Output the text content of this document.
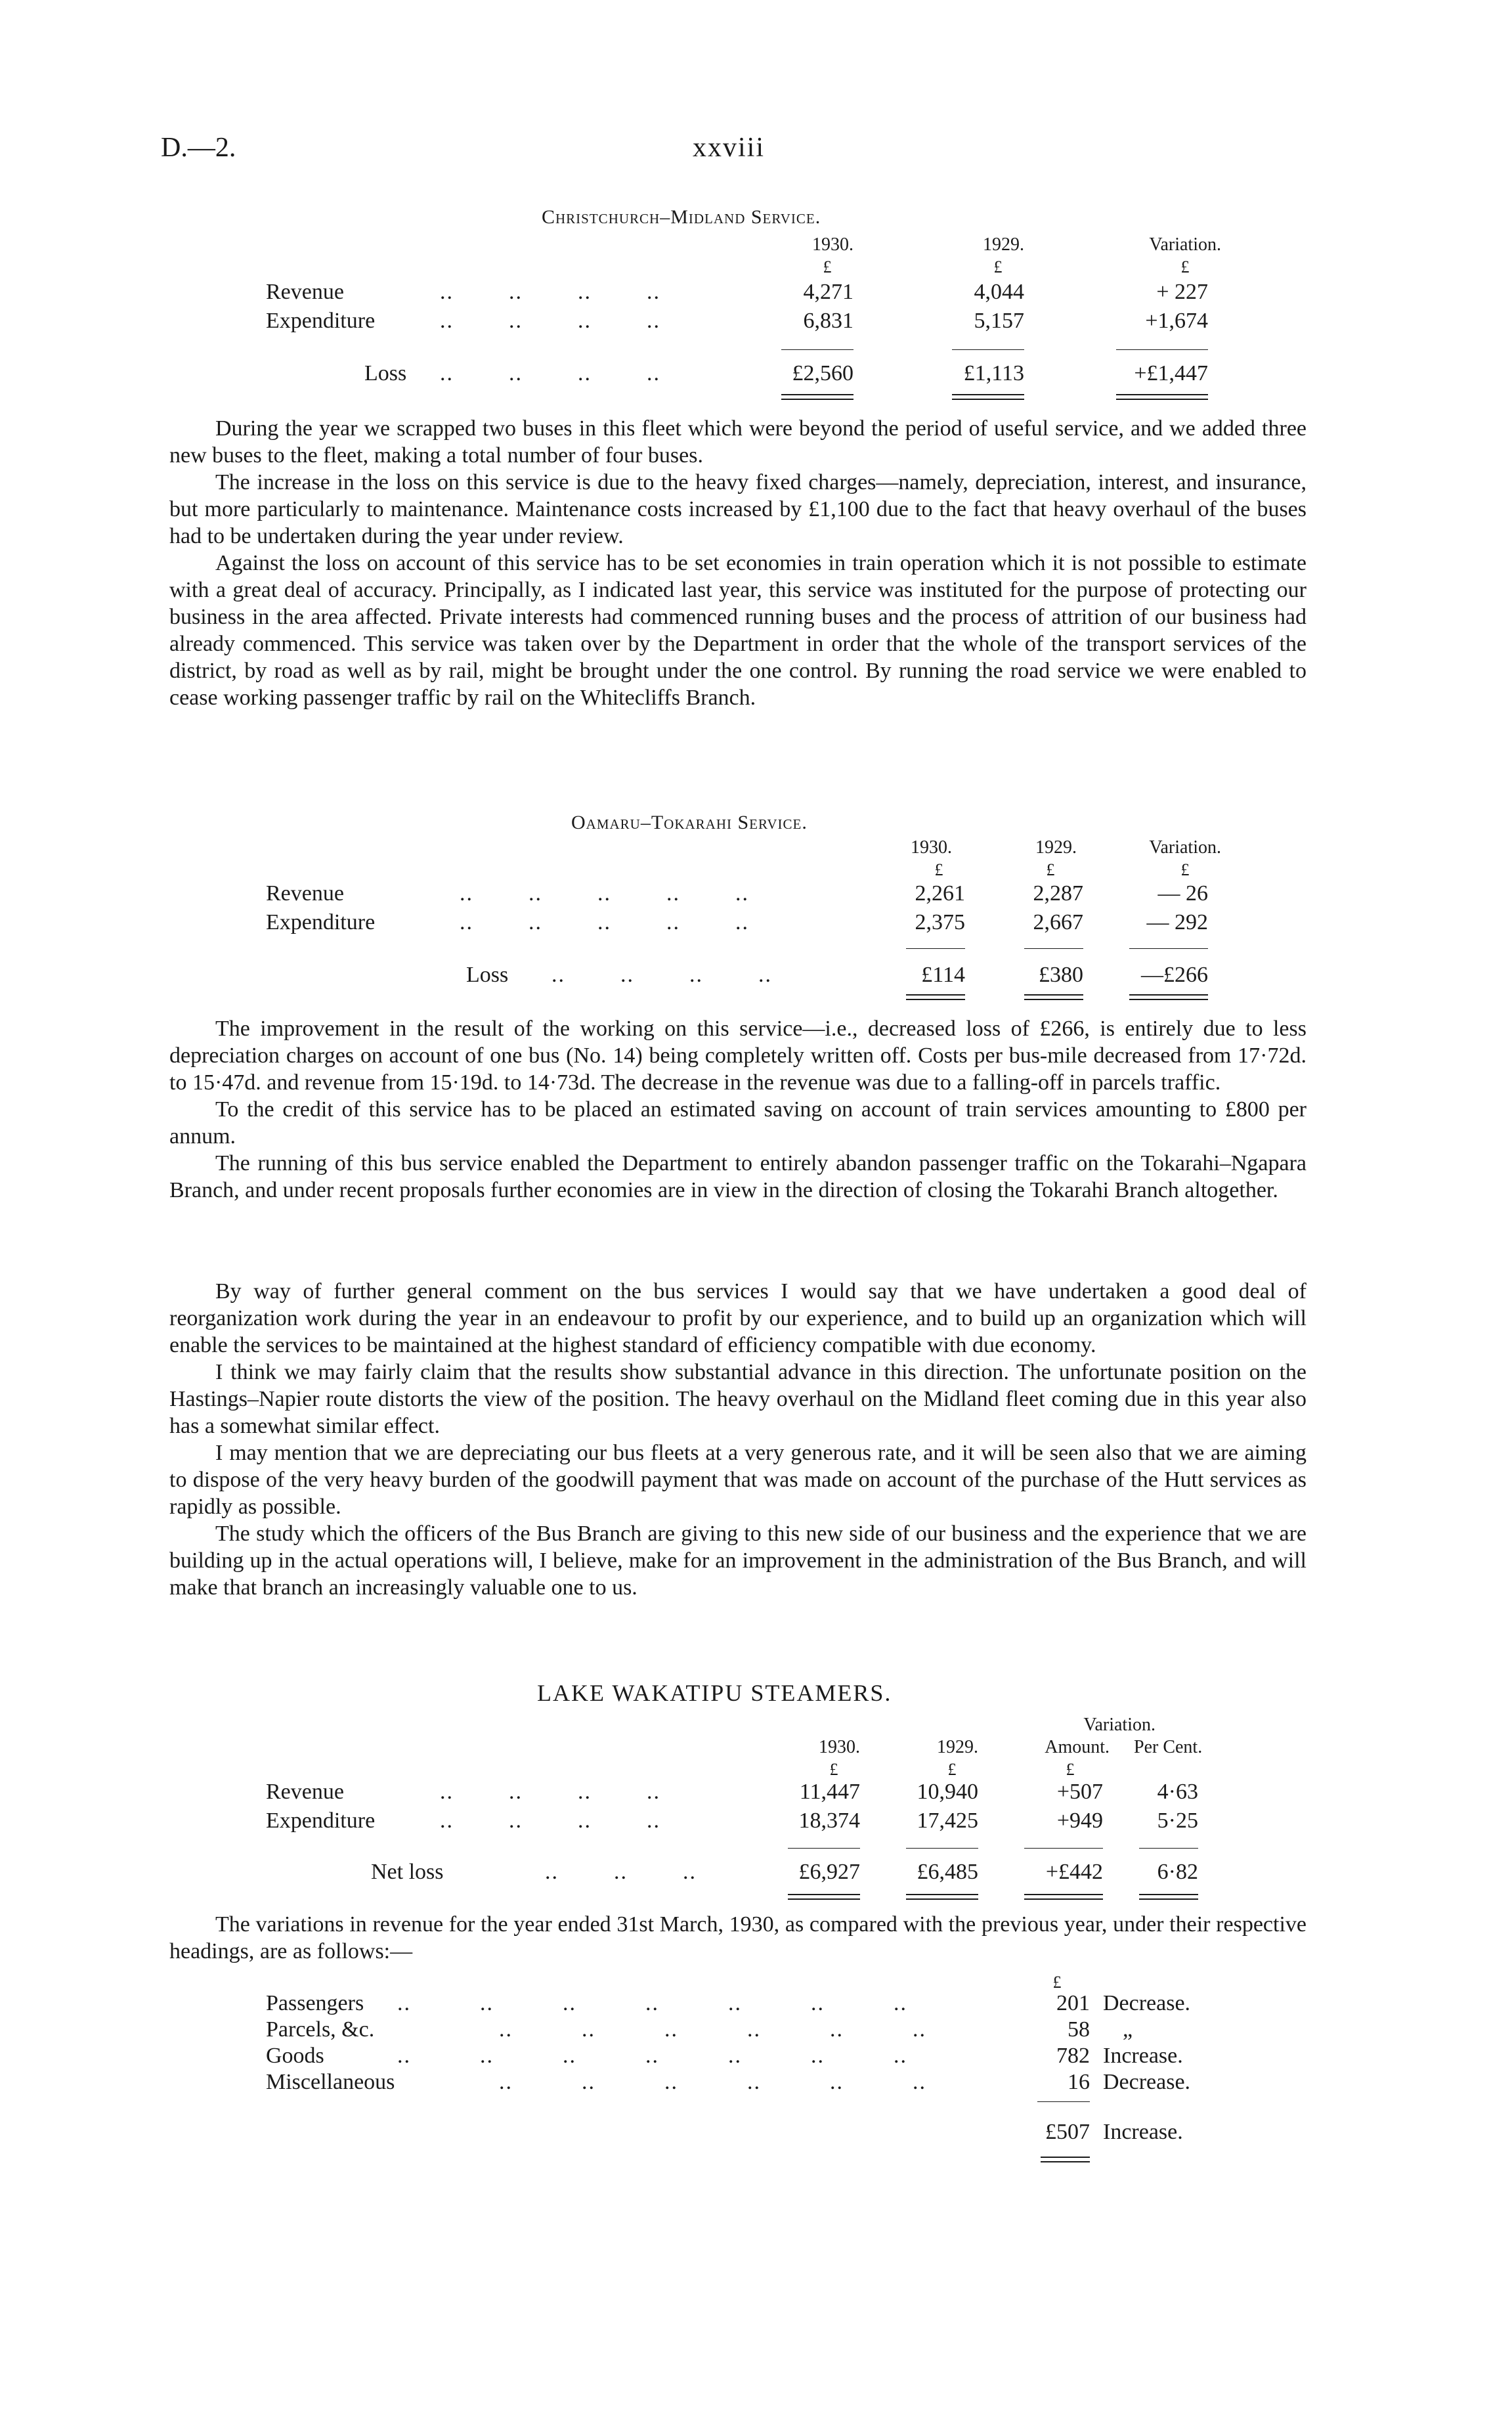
D.—2.	xxviii
Christchurch–Midland Service.
1930.	1929.	Variation.
£	£	£
Revenue	..        ..        ..        ..	4,271	4,044	+ 227
Expenditure	..        ..        ..        ..	6,831	5,157	+1,674
Loss ..        ..        ..        ..	£2,560	£1,113	+£1,447
During the year we scrapped two buses in this fleet which were beyond the period of useful service, and we added three new buses to the fleet, making a total number of four buses.
The increase in the loss on this service is due to the heavy fixed charges—namely, depreciation, interest, and insurance, but more particularly to maintenance. Maintenance costs increased by £1,100 due to the fact that heavy overhaul of the buses had to be undertaken during the year under review.
Against the loss on account of this service has to be set economies in train operation which it is not possible to estimate with a great deal of accuracy. Principally, as I indicated last year, this service was instituted for the purpose of protecting our business in the area affected. Private interests had commenced running buses and the process of attrition of our business had already commenced. This service was taken over by the Department in order that the whole of the transport services of the district, by road as well as by rail, might be brought under the one control. By running the road service we were enabled to cease working passenger traffic by rail on the Whitecliffs Branch.
Oamaru–Tokarahi Service.
1930.	1929.	Variation.
£	£	£
Revenue	..        ..        ..        ..        ..	2,261	2,287	— 26
Expenditure	..        ..        ..        ..        ..	2,375	2,667	— 292
Loss ..        ..        ..        ..	£114	£380	—£266
The improvement in the result of the working on this service—i.e., decreased loss of £266, is entirely due to less depreciation charges on account of one bus (No. 14) being completely written off. Costs per bus-mile decreased from 17·72d. to 15·47d. and revenue from 15·19d. to 14·73d. The decrease in the revenue was due to a falling-off in parcels traffic.
To the credit of this service has to be placed an estimated saving on account of train services amounting to £800 per annum.
The running of this bus service enabled the Department to entirely abandon passenger traffic on the Tokarahi–Ngapara Branch, and under recent proposals further economies are in view in the direction of closing the Tokarahi Branch altogether.
By way of further general comment on the bus services I would say that we have undertaken a good deal of reorganization work during the year in an endeavour to profit by our experience, and to build up an organization which will enable the services to be maintained at the highest standard of efficiency compatible with due economy.
I think we may fairly claim that the results show substantial advance in this direction. The unfortunate position on the Hastings–Napier route distorts the view of the position. The heavy overhaul on the Midland fleet coming due in this year also has a somewhat similar effect.
I may mention that we are depreciating our bus fleets at a very generous rate, and it will be seen also that we are aiming to dispose of the very heavy burden of the goodwill payment that was made on account of the purchase of the Hutt services as rapidly as possible.
The study which the officers of the Bus Branch are giving to this new side of our business and the experience that we are building up in the actual operations will, I believe, make for an improvement in the administration of the Bus Branch, and will make that branch an increasingly valuable one to us.
LAKE WAKATIPU STEAMERS.
Variation.
1930.	1929.	Amount. Per Cent.
£	£	£
Revenue	..        ..        ..        ..	11,447	10,940	+507	4·63
Expenditure	..        ..        ..        ..	18,374	17,425	+949	5·25
Net loss	..        ..        ..	£6,927	£6,485	+£442	6·82
The variations in revenue for the year ended 31st March, 1930, as compared with the previous year, under their respective headings, are as follows:—
£
Passengers ..          ..          ..          ..          ..          ..          ..	201 Decrease.
Parcels, &c.	..          ..          ..          ..          ..          ..	58 „
Goods	..          ..          ..          ..          ..          ..          ..	782 Increase.
Miscellaneous	..          ..          ..          ..          ..          ..	16 Decrease.
£507 Increase.
